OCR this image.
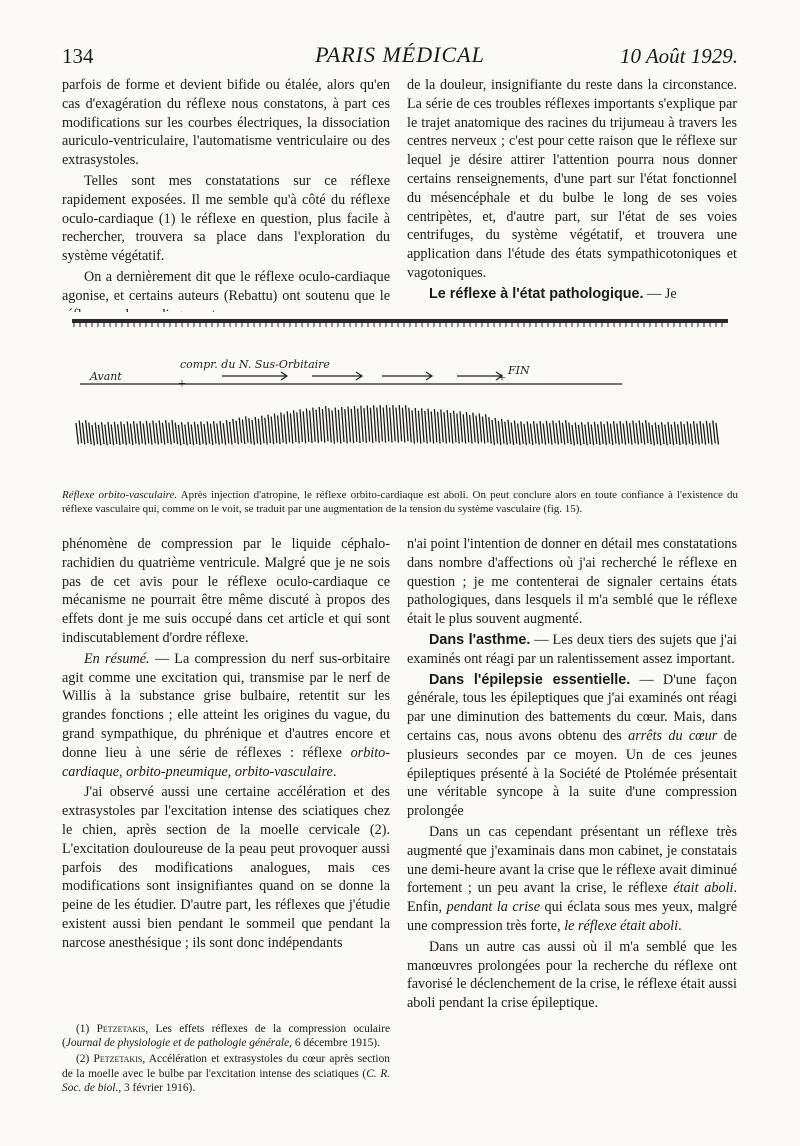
134	PARIS MÉDICAL	10 Août 1929.

parfois de forme et devient bifide ou étalée, alors qu'en cas d'exagération du réflexe nous constatons, à part ces modifications sur les courbes électriques, la dissociation auriculo-ventriculaire, l'automatisme ventriculaire ou des extrasystoles.

Telles sont mes constatations sur ce réflexe rapidement exposées. Il me semble qu'à côté du réflexe oculo-cardiaque (1) le réflexe en question, plus facile à rechercher, trouvera sa place dans l'exploration du système végétatif.

On a dernièrement dit que le réflexe oculo-cardiaque agonise, et certains auteurs (Rebattu) ont soutenu que le

de la douleur, insignifiante du reste dans la circonstance. La série de ces troubles réflexes importants s'explique par le trajet anatomique des racines du trijumeau à travers les centres nerveux ; c'est pour cette raison que le réflexe sur lequel je désire attirer l'attention pourra nous donner certains renseignements, d'une part sur l'état fonctionnel du mésencéphale et du bulbe le long de ses voies centripètes, et, d'autre part, sur l'état de ses voies centrifuges, du système végétatif, et trouvera une application dans l'étude des états sympathicotoniques et vagotoniques.

Le réflexe à l'état pathologique. — Je

Avant
compr. du N. Sus-Orbitaire	FIN
+	+
Réflexe orbito-vasculaire. Après injection d'atropine, le réflexe orbito-cardiaque est aboli. On peut conclure alors en toute confiance à l'existence du réflexe vasculaire qui, comme on le voit, se traduit par une augmentation de la tension du système vasculaire (fig. 15).

phénomène de compression par le liquide céphalo-rachidien du quatrième ventricule. Malgré que je ne sois pas de cet avis pour le réflexe oculo-cardiaque ce mécanisme ne pourrait être même discuté à propos des effets dont je me suis occupé dans cet article et qui sont indiscutablement d'ordre réflexe.

En résumé. — La compression du nerf sus-orbitaire agit comme une excitation qui, transmise par le nerf de Willis à la substance grise bulbaire, retentit sur les grandes fonctions ; elle atteint les origines du vague, du grand sympathique, du phrénique et d'autres encore et donne lieu à une série de réflexes : réflexe orbito-cardiaque, orbito-pneumique, orbito-vasculaire.

J'ai observé aussi une certaine accélération et des extrasystoles par l'excitation intense des sciatiques chez le chien, après section de la moelle cervicale (2). L'excitation douloureuse de la peau peut provoquer aussi parfois des modifications analogues, mais ces modifications sont insignifiantes quand on se donne la peine de les étudier. D'autre part, les réflexes que j'étudie existent aussi bien pendant le sommeil que pendant la narcose anesthésique ; ils sont donc indépendants

(1) Petzetakis, Les effets réflexes de la compression oculaire (Journal de physiologie et de pathologie générale, 6 décembre 1915).

(2) Petzetakis, Accélération et extrasystoles du cœur après section de la moelle avec le bulbe par l'excitation intense des sciatiques (C. R. Soc. de biol., 3 février 1916).

n'ai point l'intention de donner en détail mes constatations dans nombre d'affections où j'ai recherché le réflexe en question ; je me contenterai de signaler certains états pathologiques, dans lesquels il m'a semblé que le réflexe était le plus souvent augmenté.

Dans l'asthme. — Les deux tiers des sujets que j'ai examinés ont réagi par un ralentissement assez important.

Dans l'épilepsie essentielle. — D'une façon générale, tous les épileptiques que j'ai examinés ont réagi par une diminution des battements du cœur. Mais, dans certains cas, nous avons obtenu des arrêts du cœur de plusieurs secondes par ce moyen. Un de ces jeunes épileptiques présenté à la Société de Ptolémée présentait une véritable syncope à la suite d'une compression prolongée

Dans un cas cependant présentant un réflexe très augmenté que j'examinais dans mon cabinet, je constatais une demi-heure avant la crise que le réflexe avait diminué fortement ; un peu avant la crise, le réflexe était aboli. Enfin, pendant la crise qui éclata sous mes yeux, malgré une compression très forte, le réflexe était aboli.

Dans un autre cas aussi où il m'a semblé que les manœuvres prolongées pour la recherche du réflexe ont favorisé le déclenchement de la crise, le réflexe était aussi aboli pendant la crise épileptique.
